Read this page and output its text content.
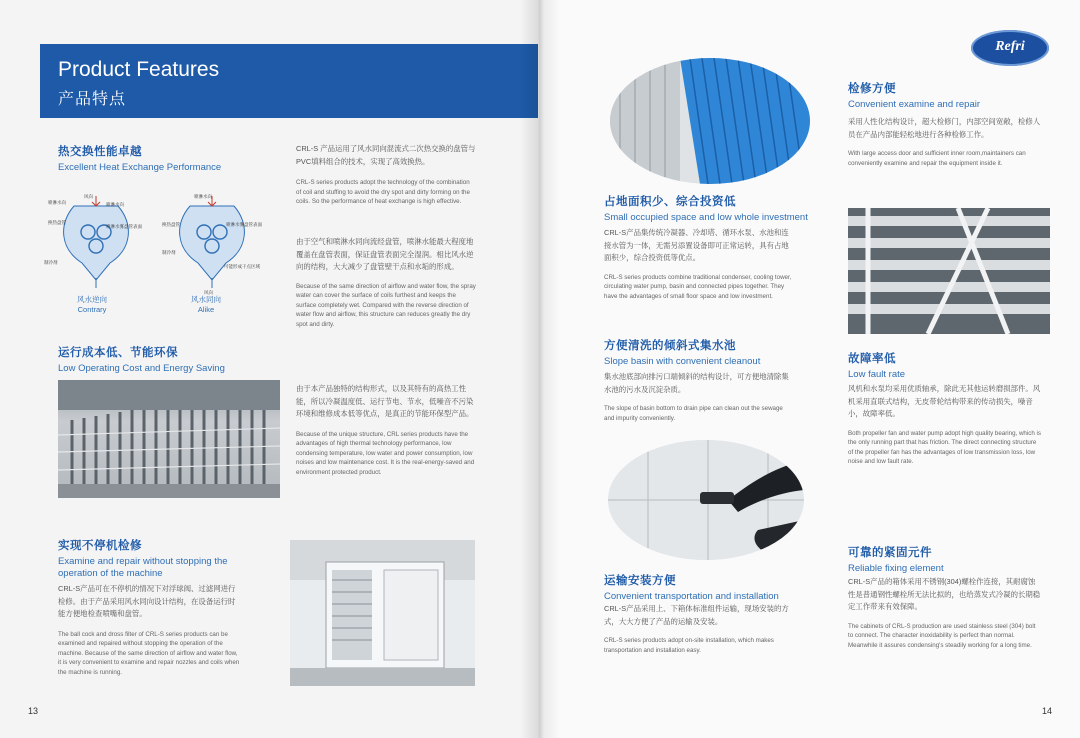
Product Features
产品特点
热交换性能卓越
Excellent Heat Exchange Performance
风向
喷淋水向	喷淋水向
换热盘管
喷淋水雾盘管表面
制冷剂
喷淋水向
换热盘管	喷淋水雾盘管表面
制冷剂
可能形成干点区域
风向
风水逆向
Contrary
风水同向
Alike
CRL-S 产品运用了风水同向混流式二次热交换的盘管与PVC填料组合的技术，实现了高效换热。
CRL-S series products adopt the technology of the combination of coil and stuffing to avoid the dry spot and dirty forming on the coils. So the performance of heat exchange is high effective.
由于空气和喷淋水同向流经盘管，喷淋水能最大程度地覆盖在盘管表面，保证盘管表面完全湿润。相比风水逆向的结构，大大减少了盘管壁干点和水垢的形成。
Because of the same direction of airflow and water flow, the spray water can cover the surface of coils furthest and keeps the surface completely wet. Compared with the reverse direction of water flow and airflow, this structure can reduces greatly the dry spot and dirty.
运行成本低、节能环保
Low Operating Cost and Energy Saving
由于本产品独特的结构形式，以及其特有的高热工性能，所以冷凝温度低、运行节电、节水，低噪音不污染环境和维修成本低等优点，是真正的节能环保型产品。
Because of the unique structure, CRL series products have the advantages of high thermal technology performance, low condensing temperature, low water and power consumption, low noises and low maintenance cost. It is the real-energy-saved and environment protected product.
实现不停机检修
Examine and repair without stopping the operation of the machine
CRL-S产品可在不停机的情况下对浮球阀、过滤网进行检修。由于产品采用风水同向设计结构，在设备运行时能方便地检查喷嘴和盘管。
The ball cock and dross filter of CRL-S series products can be examined and repaired without stopping the operation of the machine. Because of the same direction of airflow and water flow, it is very convenient to examine and repair nozzles and coils when the machine is running.
13
Refri
检修方便
Convenient examine and repair
采用人性化结构设计，超大检修门，内部空间宽敞，检修人员在产品内部能轻松地进行各种检修工作。
With large access door and sufficient inner room,maintainers can conveniently examine and repair the equipment inside it.
占地面积少、综合投资低
Small occupied space and low whole investment
CRL-S产品集传统冷凝器、冷却塔、循环水泵、水池和连接水管为一体，无需另添置设备即可正常运转，具有占地面积少，综合投资低等优点。
CRL-S series products combine traditional condenser, cooling tower, circulating water pump, basin and connected pipes together. They have the advantages of small floor space and low investment.
方便清洗的倾斜式集水池
Slope basin with convenient cleanout
集水池底部向排污口端倾斜的结构设计，可方便地清除集水池的污水及沉淀杂质。
The slope of basin bottom to drain pipe can clean out the sewage and impurity conveniently.
故障率低
Low fault rate
风机和水泵均采用优质轴承，除此无其他运转磨损部件。风机采用直联式结构，无皮带轮结构带来的传动损失，噪音小，故障率低。
Both propeller fan and water pump adopt high quality bearing, which is the only running part that has friction. The direct connecting structure of the propeller fan has the advantages of low transmission loss, low noise and low fault rate.
运输安装方便
Convenient transportation and installation
CRL-S产品采用上、下箱体标准组件运输，现场安装的方式，大大方便了产品的运输及安装。
CRL-S series products adopt on-site installation, which makes transportation and installation easy.
可靠的紧固元件
Reliable fixing element
CRL-S产品的箱体采用不锈钢(304)螺栓作连接，其耐腐蚀性是普通钢性螺栓所无法比拟的，也给蒸发式冷凝的长期稳定工作带来有效保障。
The cabinets of CRL-S production are used stainless steel (304) bolt to connect. The character inoxidability is perfect than normal. Meanwhile it assures condensing's steadily working for a long time.
14
